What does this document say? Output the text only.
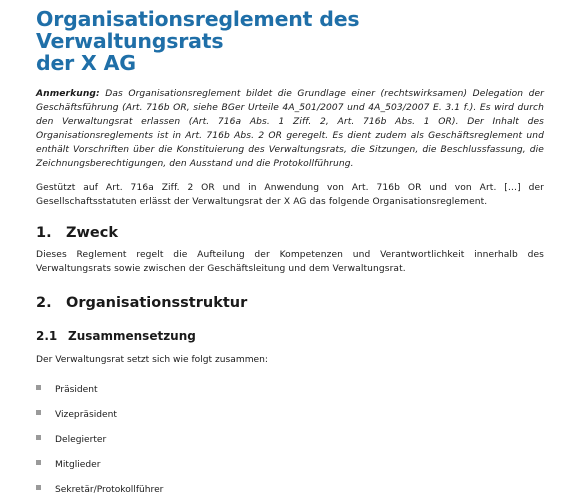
Organisationsreglement des Verwaltungsrats
der X AG

Anmerkung: Das Organisationsreglement bildet die Grundlage einer (rechtswirksamen) Delegation der Geschäftsführung (Art. 716b OR, siehe BGer Urteile 4A_501/2007 und 4A_503/2007 E. 3.1 f.). Es wird durch den Verwaltungsrat erlassen (Art. 716a Abs. 1 Ziff. 2, Art. 716b Abs. 1 OR). Der Inhalt des Organisationsreglements ist in Art. 716b Abs. 2 OR geregelt. Es dient zudem als Geschäftsreglement und enthält Vorschriften über die Konstituierung des Verwaltungsrats, die Sitzungen, die Beschlussfassung, die Zeichnungsberechtigungen, den Ausstand und die Protokollführung.

Gestützt auf Art. 716a Ziff. 2 OR und in Anwendung von Art. 716b OR und von Art. […] der Gesellschaftsstatuten erlässt der Verwaltungsrat der X AG das folgende Organisationsreglement.

1. Zweck

Dieses Reglement regelt die Aufteilung der Kompetenzen und Verantwortlichkeit innerhalb des Verwaltungsrats sowie zwischen der Geschäftsleitung und dem Verwaltungsrat.

2. Organisationsstruktur
2.1 Zusammensetzung

Der Verwaltungsrat setzt sich wie folgt zusammen:

Präsident
Vizepräsident
Delegierter
Mitglieder
Sekretär/Protokollführer
